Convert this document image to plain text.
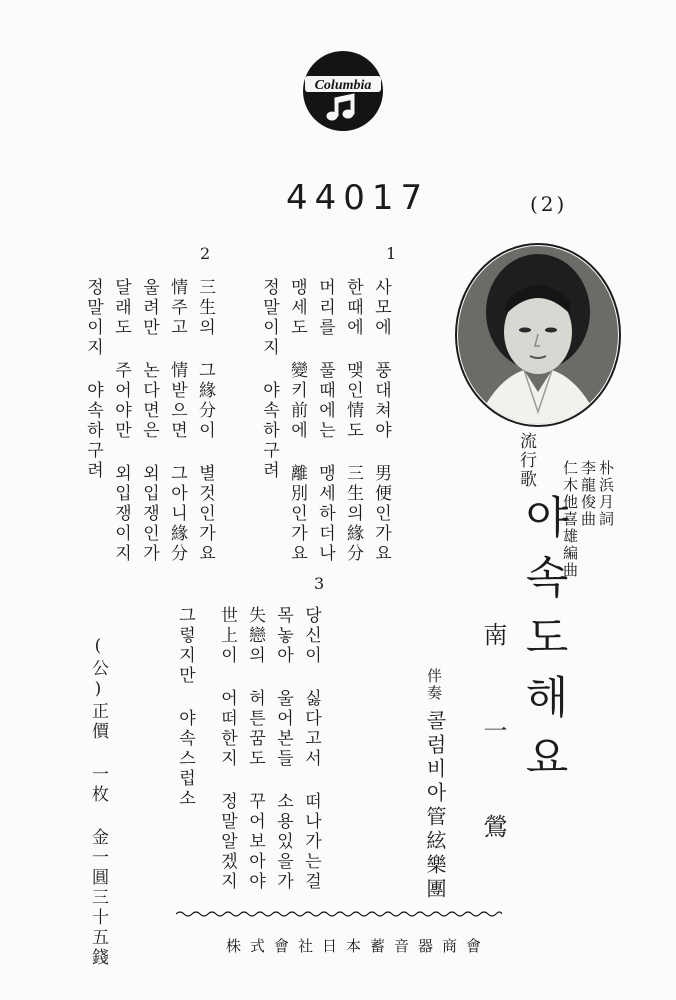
Columbia
44017	(2)
1
2
3
사모에 풍대쳐야 男便인가요
한때에 맺인情도 三生의緣分
머리를 풀때에는 맹세하더나
맹세도 變키前에 離別인가요
정말이지 야속하구려
三生의 그緣分이 별것인가요
情주고 情받으면 그아니緣分
울려만 논다면은 외입쟁인가
달래도 주어야만 외입쟁이지
정말이지 야속하구려
당신이 싫다고서 떠나가는걸
목놓아 울어본들 소용있을가
失戀의 허튼꿈도 꾸어보아야
世上이 어떠한지 정말알겠지
그렇지만 야속스럽소
流行歌
야속도해요	朴浜月詞
李龍俊曲
仁木他喜雄編曲
南一鶯
伴奏
콜럼비아管絃樂團
(公)正價 一枚 金一圓三十五錢	株式會社日本蓄音器商會
